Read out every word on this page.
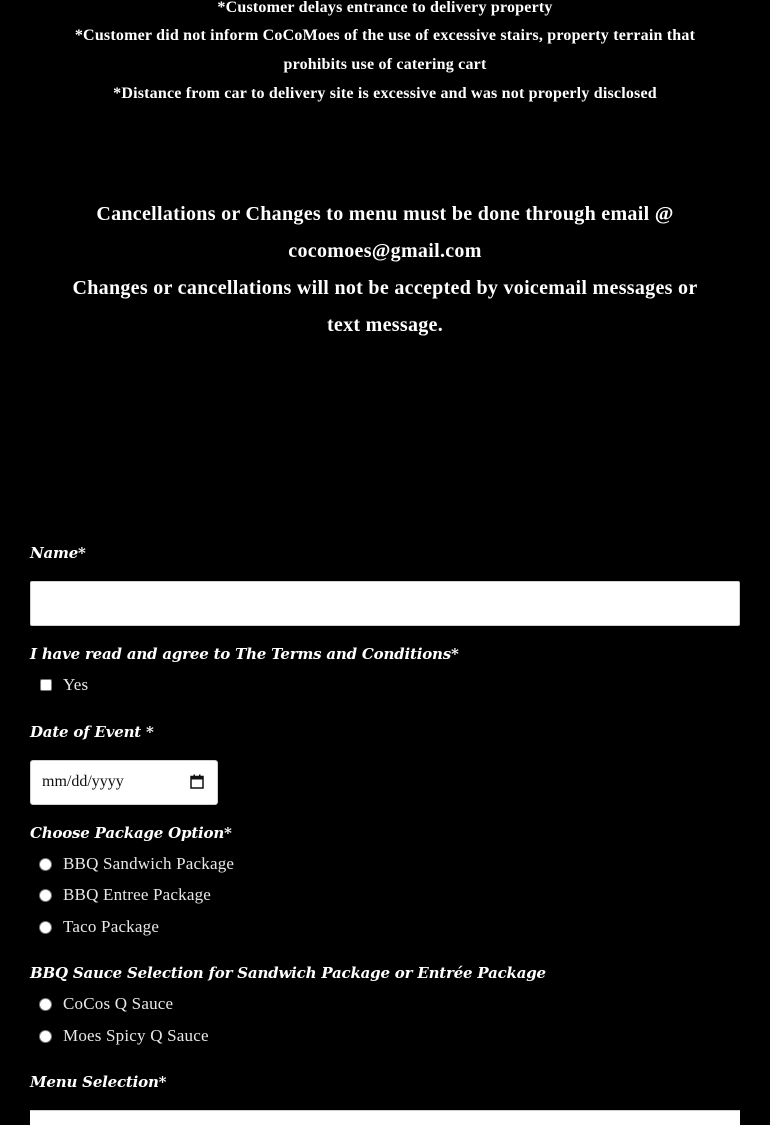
*Customer delays entrance to delivery property
*Customer did not inform CoCoMoes of the use of excessive stairs, property terrain that
prohibits use of catering cart
*Distance from car to delivery site is excessive and was not properly disclosed

Cancellations or Changes to menu must be done through email @

cocomoes@gmail.com

Changes or cancellations will not be accepted by voicemail messages or

text message.

Name*
I have read and agree to The Terms and Conditions*
Yes
Date of Event *
mm/dd/yyyy
Choose Package Option*
BBQ Sandwich Package
BBQ Entree Package
Taco Package
BBQ Sauce Selection for Sandwich Package or Entrée Package
CoCos Q Sauce
Moes Spicy Q Sauce
Menu Selection*
